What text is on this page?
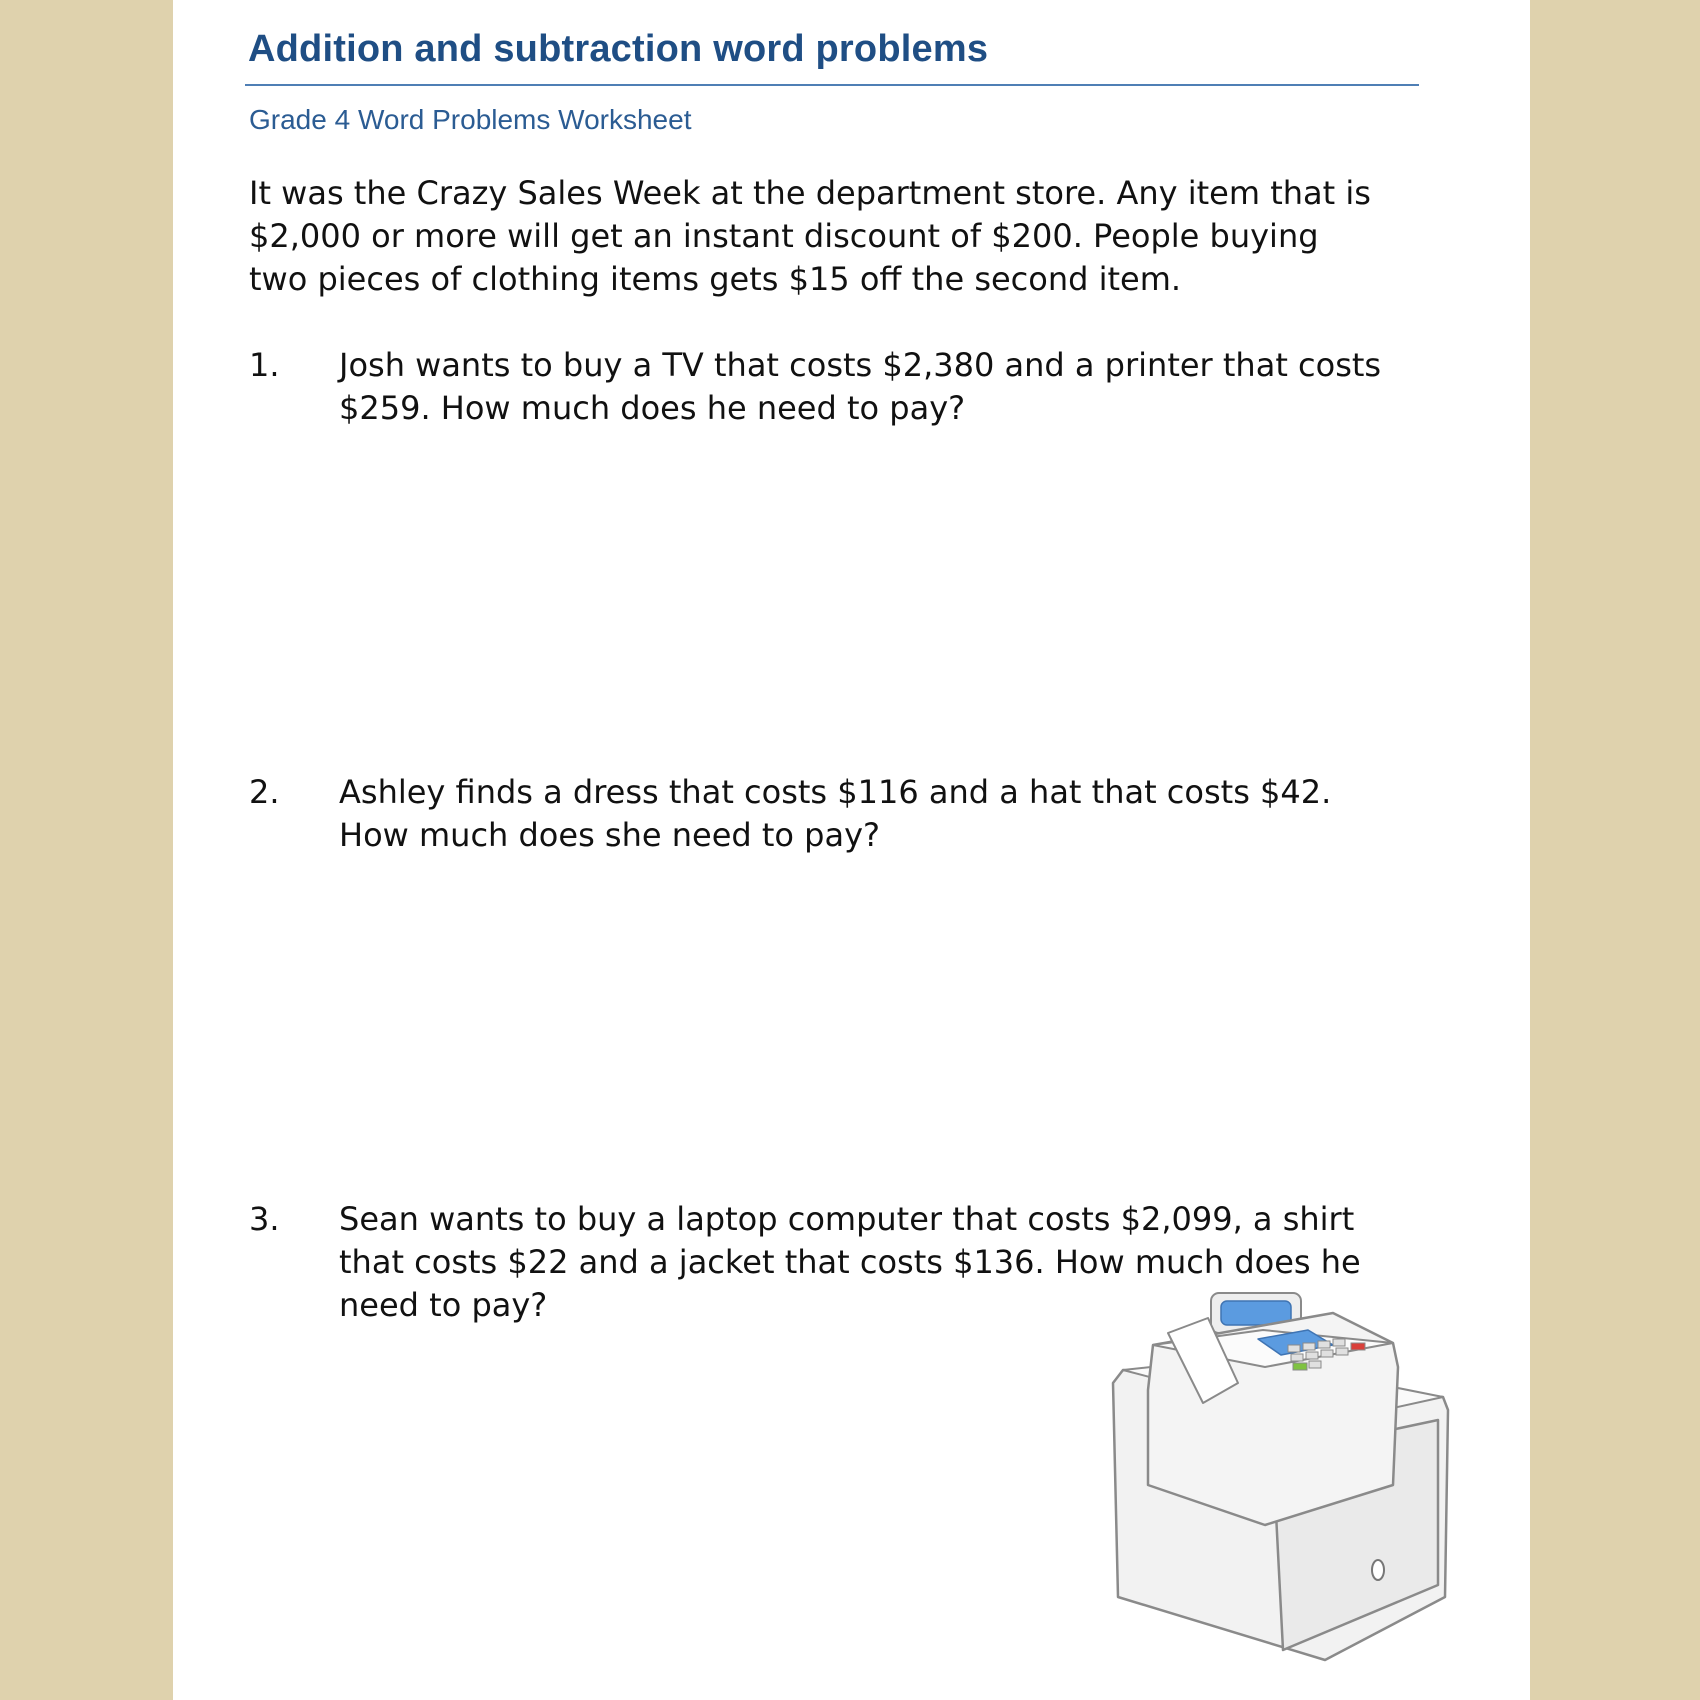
Addition and subtraction word problems
Grade 4 Word Problems Worksheet

It was the Crazy Sales Week at the department store. Any item that is
$2,000 or more will get an instant discount of $200. People buying
two pieces of clothing items gets $15 off the second item.

1. Josh wants to buy a TV that costs $2,380 and a printer that costs
$259. How much does he need to pay?
2. Ashley finds a dress that costs $116 and a hat that costs $42.
How much does she need to pay?
3. Sean wants to buy a laptop computer that costs $2,099, a shirt
that costs $22 and a jacket that costs $136. How much does he
need to pay?
